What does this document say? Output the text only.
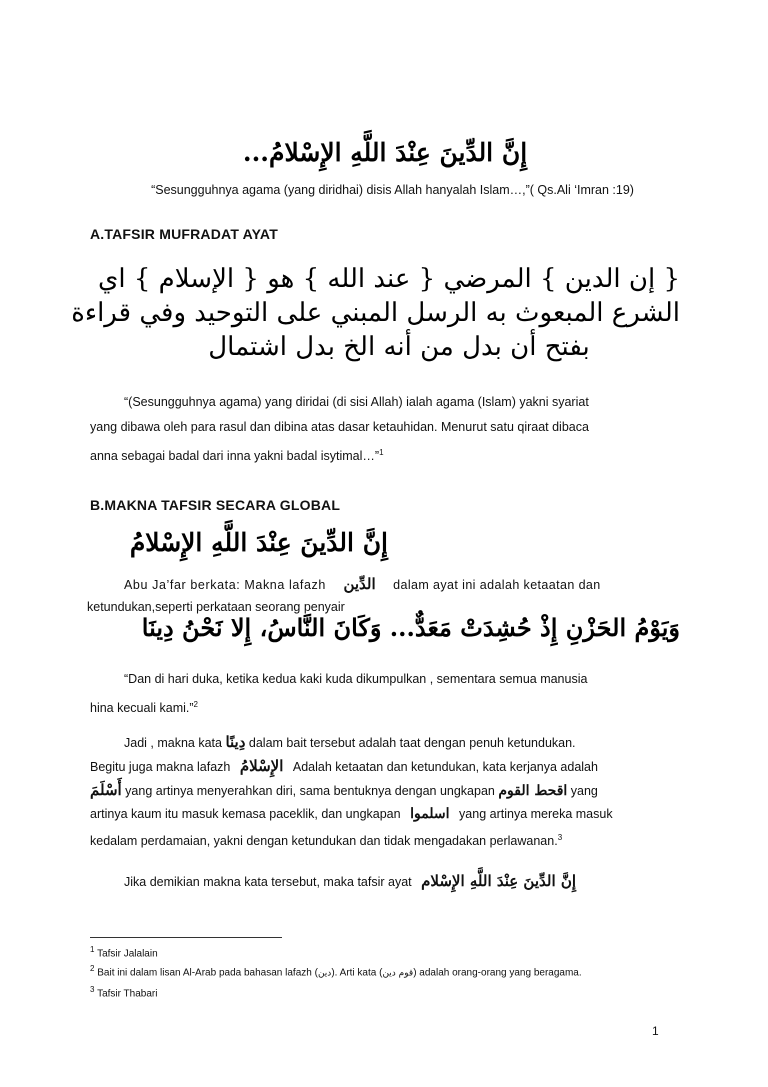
إِنَّ الدِّينَ عِنْدَ اللَّهِ الإِسْلامُ...
“Sesungguhnya agama (yang diridhai) disis Allah hanyalah Islam…,”( Qs.Ali ‘Imran :19)
A.TAFSIR MUFRADAT AYAT
{ إن الدين } المرضي { عند الله } هو { الإسلام } اي
الشرع المبعوث به الرسل المبني على التوحيد وفي قراءة
بفتح أن بدل من أنه الخ بدل اشتمال
“(Sesungguhnya agama) yang diridai (di sisi Allah) ialah agama (Islam) yakni syariat
yang dibawa oleh para rasul dan dibina atas dasar ketauhidan. Menurut satu qiraat dibaca
anna sebagai badal dari inna yakni badal isytimal…”$^1$
B.MAKNA TAFSIR SECARA GLOBAL
إِنَّ الدِّينَ عِنْدَ اللَّهِ الإِسْلامُ
Abu Ja’far berkata: Makna lafazh الدِّين dalam ayat ini adalah ketaatan dan
ketundukan,seperti perkataan seorang penyair
وَيَوْمُ الحَزْنِ إِذْ حُشِدَتْ مَعَدٌّ... وَكَانَ النَّاسُ، إِلا نَحْنُ دِينَا
“Dan di hari duka, ketika kedua kaki kuda dikumpulkan , sementara semua manusia
hina kecuali kami.”$^2$
Jadi , makna kata دِينًا dalam bait tersebut adalah taat dengan penuh ketundukan.
Begitu juga makna lafazh الإِسْلامُ Adalah ketaatan dan ketundukan, kata kerjanya adalah
أَسْلَمَ yang artinya menyerahkan diri, sama bentuknya dengan ungkapan اقحط القوم yang
artinya kaum itu masuk kemasa paceklik, dan ungkapan اسلموا yang artinya mereka masuk
kedalam perdamaian, yakni dengan ketundukan dan tidak mengadakan perlawanan.$^3$
Jika demikian makna kata tersebut, maka tafsir ayat إِنَّ الدِّينَ عِنْدَ اللَّهِ الإِسْلام
$^1$ Tafsir Jalalain
$^2$ Bait ini dalam lisan Al-Arab pada bahasan lafazh (دين). Arti kata (قوم دين) adalah orang-orang yang beragama.
$^3$ Tafsir Thabari
1
